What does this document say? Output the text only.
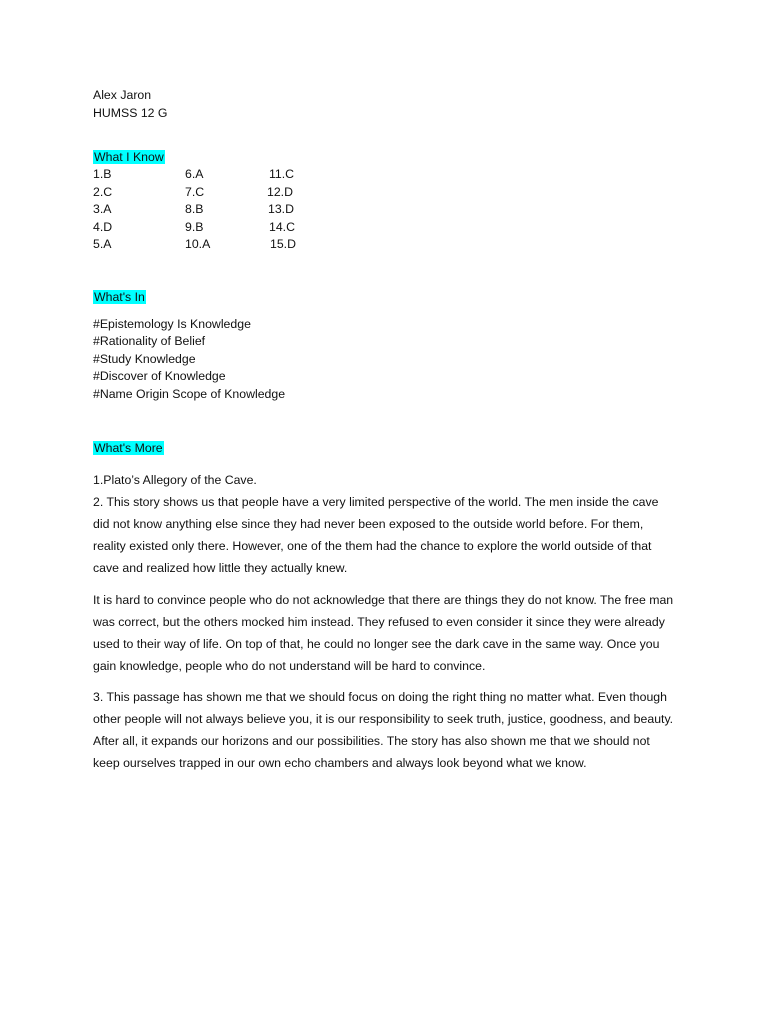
Alex Jaron
HUMSS 12 G
What I Know
1.B
2.C
3.A
4.D
5.A
6.A
7.C
8.B
9.B
10.A
11.C
12.D
13.D
14.C
15.D
What's In
#Epistemology Is Knowledge
#Rationality of Belief
#Study Knowledge
#Discover of Knowledge
#Name Origin Scope of Knowledge
What's More
1.Plato’s Allegory of the Cave.
2. This story shows us that people have a very limited perspective of the world. The men inside the cave did not know anything else since they had never been exposed to the outside world before. For them, reality existed only there. However, one of the them had the chance to explore the world outside of that cave and realized how little they actually knew.
It is hard to convince people who do not acknowledge that there are things they do not know. The free man was correct, but the others mocked him instead. They refused to even consider it since they were already used to their way of life. On top of that, he could no longer see the dark cave in the same way. Once you gain knowledge, people who do not understand will be hard to convince.
3. This passage has shown me that we should focus on doing the right thing no matter what. Even though other people will not always believe you, it is our responsibility to seek truth, justice, goodness, and beauty. After all, it expands our horizons and our possibilities. The story has also shown me that we should not keep ourselves trapped in our own echo chambers and always look beyond what we know.
